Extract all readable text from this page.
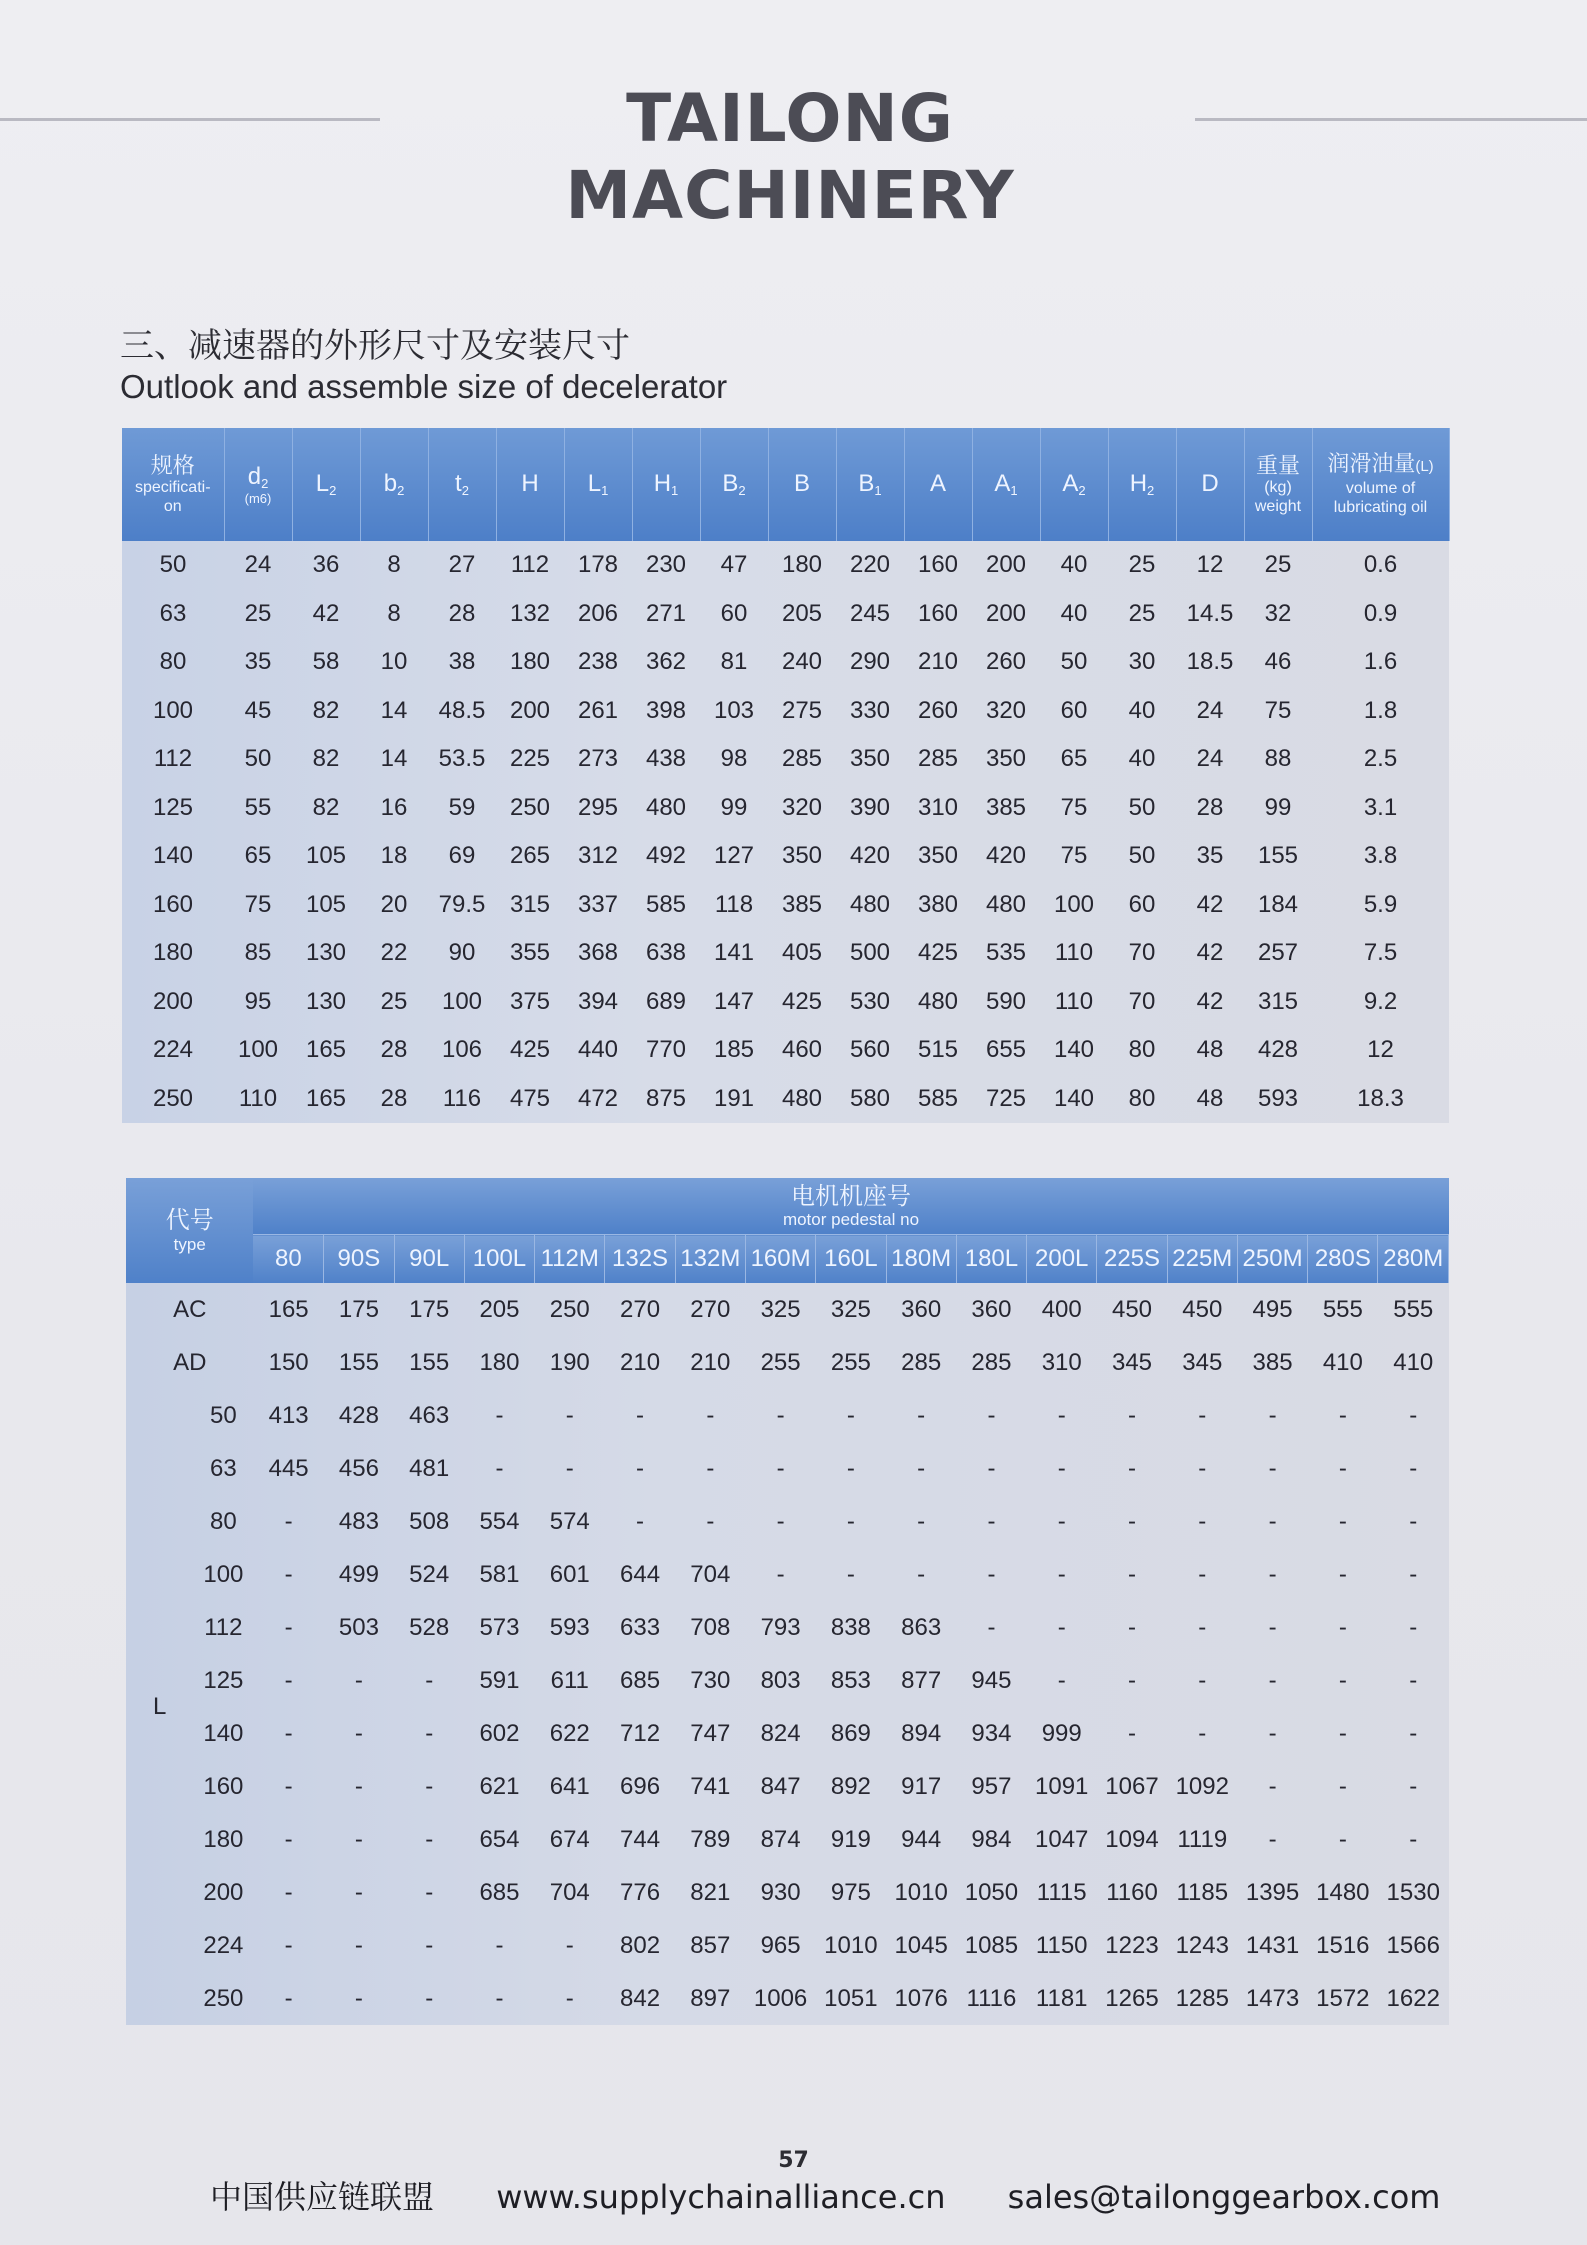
TAILONG MACHINERY
三、减速器的外形尺寸及安装尺寸
Outlook and assemble size of decelerator
规格
specificati-
on	$d_2$
(m6)	$L_2$	$b_2$	$t_2$	H	$L_1$	$H_1$	$B_2$	B	$B_1$	A	$A_1$	$A_2$	$H_2$	D	重量
(kg)
weight	润滑油量(L)
volume of
lubricating oil

50	24	36	8	27	112	178	230	47	180	220	160	200	40	25	12	25	0.6
63	25	42	8	28	132	206	271	60	205	245	160	200	40	25	14.5	32	0.9
80	35	58	10	38	180	238	362	81	240	290	210	260	50	30	18.5	46	1.6
100	45	82	14	48.5	200	261	398	103	275	330	260	320	60	40	24	75	1.8
112	50	82	14	53.5	225	273	438	98	285	350	285	350	65	40	24	88	2.5
125	55	82	16	59	250	295	480	99	320	390	310	385	75	50	28	99	3.1
140	65	105	18	69	265	312	492	127	350	420	350	420	75	50	35	155	3.8
160	75	105	20	79.5	315	337	585	118	385	480	380	480	100	60	42	184	5.9
180	85	130	22	90	355	368	638	141	405	500	425	535	110	70	42	257	7.5
200	95	130	25	100	375	394	689	147	425	530	480	590	110	70	42	315	9.2
224	100	165	28	106	425	440	770	185	460	560	515	655	140	80	48	428	12
250	110	165	28	116	475	472	875	191	480	580	585	725	140	80	48	593	18.3
代号
type		电机机座号
motor pedestal no																

		80	90S	90L	100L	112M	132S	132M	160M	160L	180M	180L	200L	225S	225M	250M	280S	280M
AC		165	175	175	205	250	270	270	325	325	360	360	400	450	450	495	555	555
AD		150	155	155	180	190	210	210	255	255	285	285	310	345	345	385	410	410
L	50	413	428	463	-	-	-	-	-	-	-	-	-	-	-	-	-	-
	63	445	456	481	-	-	-	-	-	-	-	-	-	-	-	-	-	-
	80	-	483	508	554	574	-	-	-	-	-	-	-	-	-	-	-	-
	100	-	499	524	581	601	644	704	-	-	-	-	-	-	-	-	-	-
	112	-	503	528	573	593	633	708	793	838	863	-	-	-	-	-	-	-
	125	-	-	-	591	611	685	730	803	853	877	945	-	-	-	-	-	-
	140	-	-	-	602	622	712	747	824	869	894	934	999	-	-	-	-	-
	160	-	-	-	621	641	696	741	847	892	917	957	1091	1067	1092	-	-	-
	180	-	-	-	654	674	744	789	874	919	944	984	1047	1094	1119	-	-	-
	200	-	-	-	685	704	776	821	930	975	1010	1050	1115	1160	1185	1395	1480	1530
	224	-	-	-	-	-	802	857	965	1010	1045	1085	1150	1223	1243	1431	1516	1566
	250	-	-	-	-	-	842	897	1006	1051	1076	1116	1181	1265	1285	1473	1572	1622
57
中国供应链联盟 www.supplychainalliance.cn sales@tailonggearbox.com
